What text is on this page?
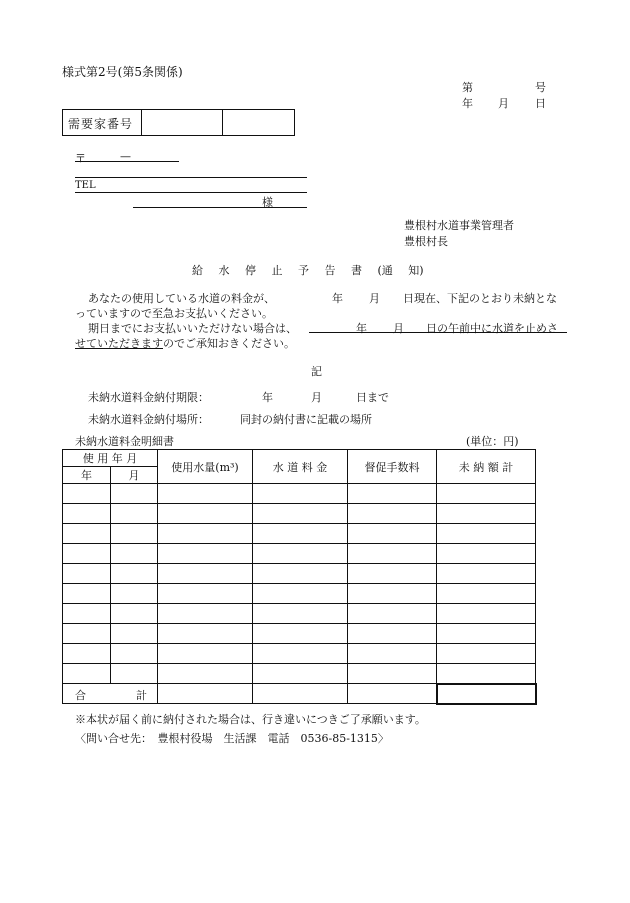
様式第2号(第5条関係)
第	号
年 月 日
需要家番号
〒	—
TEL
様
豊根村水道事業管理者
豊根村長
給 水 停 止 予 告 書 (通 知)
あなたの使用している水道の料金が、	年 月 日現在、下記のとおり未納とな
っていますので至急お支払いください。
期日までにお支払いいただけない場合は、	年 月 日の午前中に水道を止めさ
せていただきます のでご承知おきください。
記
未納水道料金納付期限：	年	月	日まで
未納水道料金納付場所：	同封の納付書に記載の場所
未納水道料金明細書	(単位：円)
使 用 年 月		使用水量(m³)	水 道 料 金	督促手数料	未 納 額 計
年	月				

合 計					

※本状が届く前に納付された場合は、行き違いにつきご了承願います。
〈問い合せ先：　豊根村役場　生活課　電話　0536-85-1315〉
